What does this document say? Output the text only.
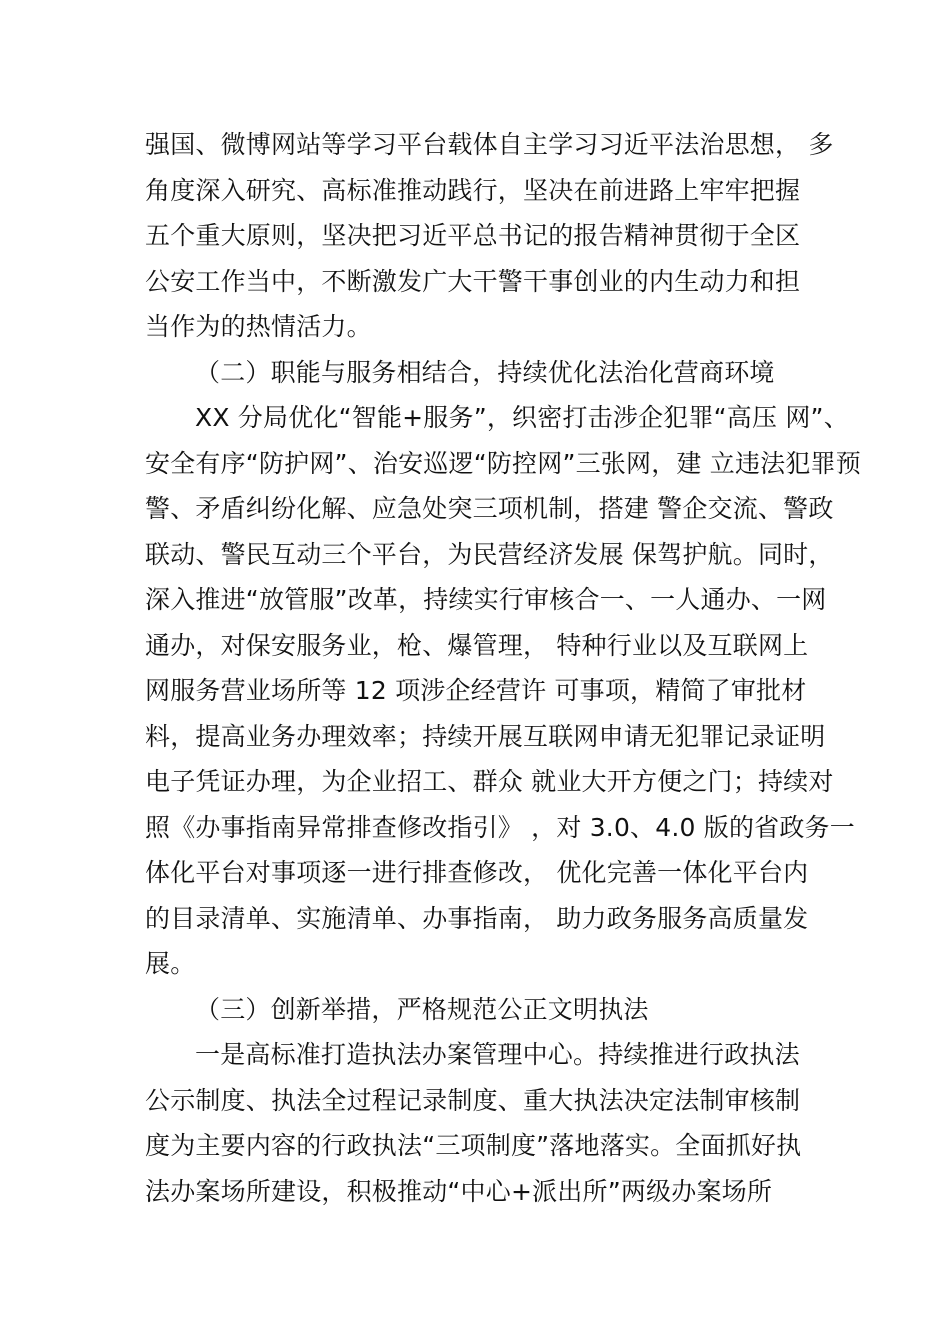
强国、微博网站等学习平台载体自主学习习近平法治思想， 多
角度深入研究、高标准推动践行，坚决在前进路上牢牢把握
五个重大原则，坚决把习近平总书记的报告精神贯彻于全区
公安工作当中，不断激发广大干警干事创业的内生动力和担
当作为的热情活力。
（二）职能与服务相结合，持续优化法治化营商环境
XX 分局优化“智能+服务”，织密打击涉企犯罪“高压 网”、
安全有序“防护网”、治安巡逻“防控网”三张网，建 立违法犯罪预
警、矛盾纠纷化解、应急处突三项机制，搭建 警企交流、警政
联动、警民互动三个平台，为民营经济发展 保驾护航。同时，
深入推进“放管服”改革，持续实行审核合一、一人通办、一网
通办，对保安服务业，枪、爆管理， 特种行业以及互联网上
网服务营业场所等 12 项涉企经营许 可事项，精简了审批材
料，提高业务办理效率；持续开展互联网申请无犯罪记录证明
电子凭证办理，为企业招工、群众 就业大开方便之门；持续对
照《办事指南异常排查修改指引》 ，对 3.0、4.0 版的省政务一
体化平台对事项逐一进行排查修改， 优化完善一体化平台内
的目录清单、实施清单、办事指南， 助力政务服务高质量发
展。
（三）创新举措，严格规范公正文明执法
一是高标准打造执法办案管理中心。持续推进行政执法
公示制度、执法全过程记录制度、重大执法决定法制审核制
度为主要内容的行政执法“三项制度”落地落实。全面抓好执
法办案场所建设，积极推动“中心+派出所”两级办案场所
